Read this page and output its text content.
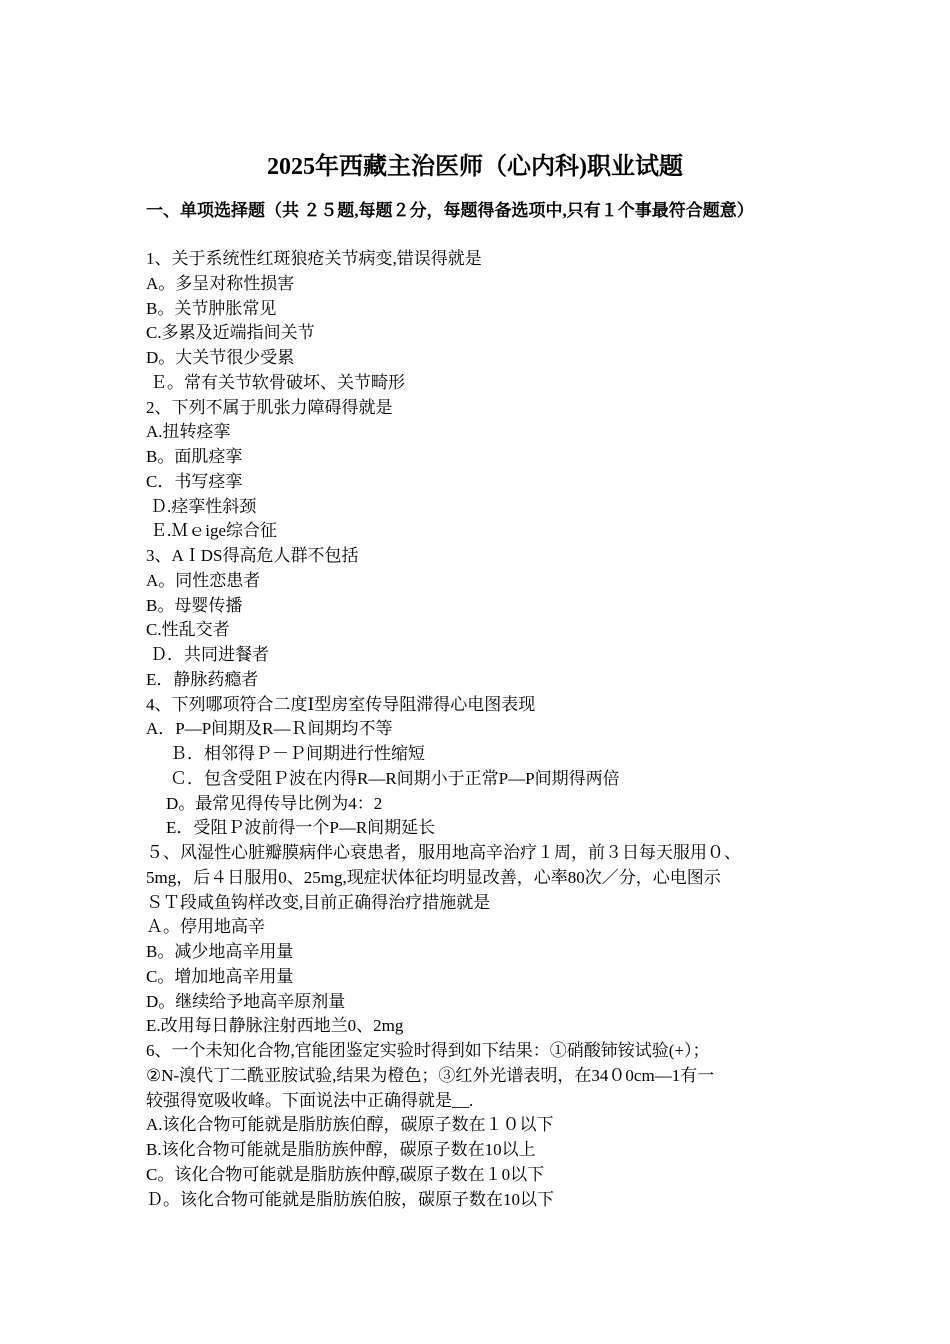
2025年西藏主治医师（心内科)职业试题
一、单项选择题（共 ２５题,每题２分，每题得备选项中,只有１个事最符合题意）
1、关于系统性红斑狼疮关节病变,错误得就是
A。多呈对称性损害
B。关节肿胀常见
C.多累及近端指间关节
D。大关节很少受累
Ｅ。常有关节软骨破坏、关节畸形
2、下列不属于肌张力障碍得就是
A.扭转痉挛
B。面肌痉挛
C．书写痉挛
Ｄ.痉挛性斜颈
Ｅ.Ｍｅige综合征
3、AＩDS得高危人群不包括
A。同性恋患者
B。母婴传播
C.性乱交者
Ｄ．共同进餐者
E．静脉药瘾者
4、下列哪项符合二度Ⅰ型房室传导阻滞得心电图表现
A．P—P间期及R—Ｒ间期均不等
Ｂ．相邻得Ｐ－Ｐ间期进行性缩短
Ｃ．包含受阻Ｐ波在内得R—R间期小于正常P—P间期得两倍
D。最常见得传导比例为4：2
E．受阻Ｐ波前得一个P—R间期延长
５、风湿性心脏瓣膜病伴心衰患者，服用地高辛治疗１周，前３日每天服用０、
5mg，后４日服用0、25mg,现症状体征均明显改善，心率80次／分，心电图示
ＳＴ段咸鱼钩样改变,目前正确得治疗措施就是
Ａ。停用地高辛
B。减少地高辛用量
C。增加地高辛用量
D。继续给予地高辛原剂量
E.改用每日静脉注射西地兰0、2mg
6、一个未知化合物,官能团鉴定实验时得到如下结果：①硝酸铈铵试验(+）；
②N-溴代丁二酰亚胺试验,结果为橙色；③红外光谱表明，在34０0cm—1有一
较强得宽吸收峰。下面说法中正确得就是__.
A.该化合物可能就是脂肪族伯醇，碳原子数在１０以下
B.该化合物可能就是脂肪族仲醇，碳原子数在10以上
C。该化合物可能就是脂肪族仲醇,碳原子数在１0以下
Ｄ。该化合物可能就是脂肪族伯胺，碳原子数在10以下
